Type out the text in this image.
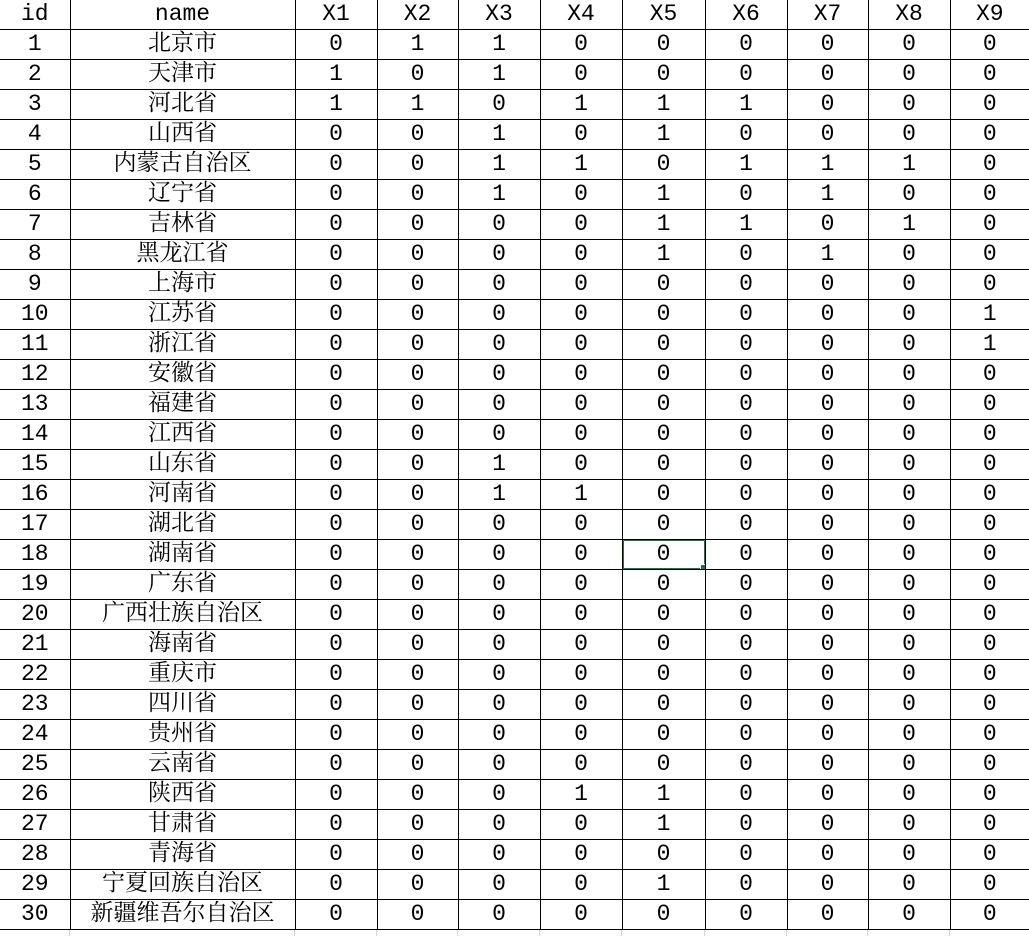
id	name	X1	X2	X3	X4	X5	X6	X7	X8	X9
1	北京市	0	1	1	0	0	0	0	0	0
2	天津市	1	0	1	0	0	0	0	0	0
3	河北省	1	1	0	1	1	1	0	0	0
4	山西省	0	0	1	0	1	0	0	0	0
5	内蒙古自治区	0	0	1	1	0	1	1	1	0
6	辽宁省	0	0	1	0	1	0	1	0	0
7	吉林省	0	0	0	0	1	1	0	1	0
8	黑龙江省	0	0	0	0	1	0	1	0	0
9	上海市	0	0	0	0	0	0	0	0	0
10	江苏省	0	0	0	0	0	0	0	0	1
11	浙江省	0	0	0	0	0	0	0	0	1
12	安徽省	0	0	0	0	0	0	0	0	0
13	福建省	0	0	0	0	0	0	0	0	0
14	江西省	0	0	0	0	0	0	0	0	0
15	山东省	0	0	1	0	0	0	0	0	0
16	河南省	0	0	1	1	0	0	0	0	0
17	湖北省	0	0	0	0	0	0	0	0	0
18	湖南省	0	0	0	0	0	0	0	0	0
19	广东省	0	0	0	0	0	0	0	0	0
20	广西壮族自治区	0	0	0	0	0	0	0	0	0
21	海南省	0	0	0	0	0	0	0	0	0
22	重庆市	0	0	0	0	0	0	0	0	0
23	四川省	0	0	0	0	0	0	0	0	0
24	贵州省	0	0	0	0	0	0	0	0	0
25	云南省	0	0	0	0	0	0	0	0	0
26	陕西省	0	0	0	1	1	0	0	0	0
27	甘肃省	0	0	0	0	1	0	0	0	0
28	青海省	0	0	0	0	0	0	0	0	0
29	宁夏回族自治区	0	0	0	0	1	0	0	0	0
30	新疆维吾尔自治区	0	0	0	0	0	0	0	0	0
